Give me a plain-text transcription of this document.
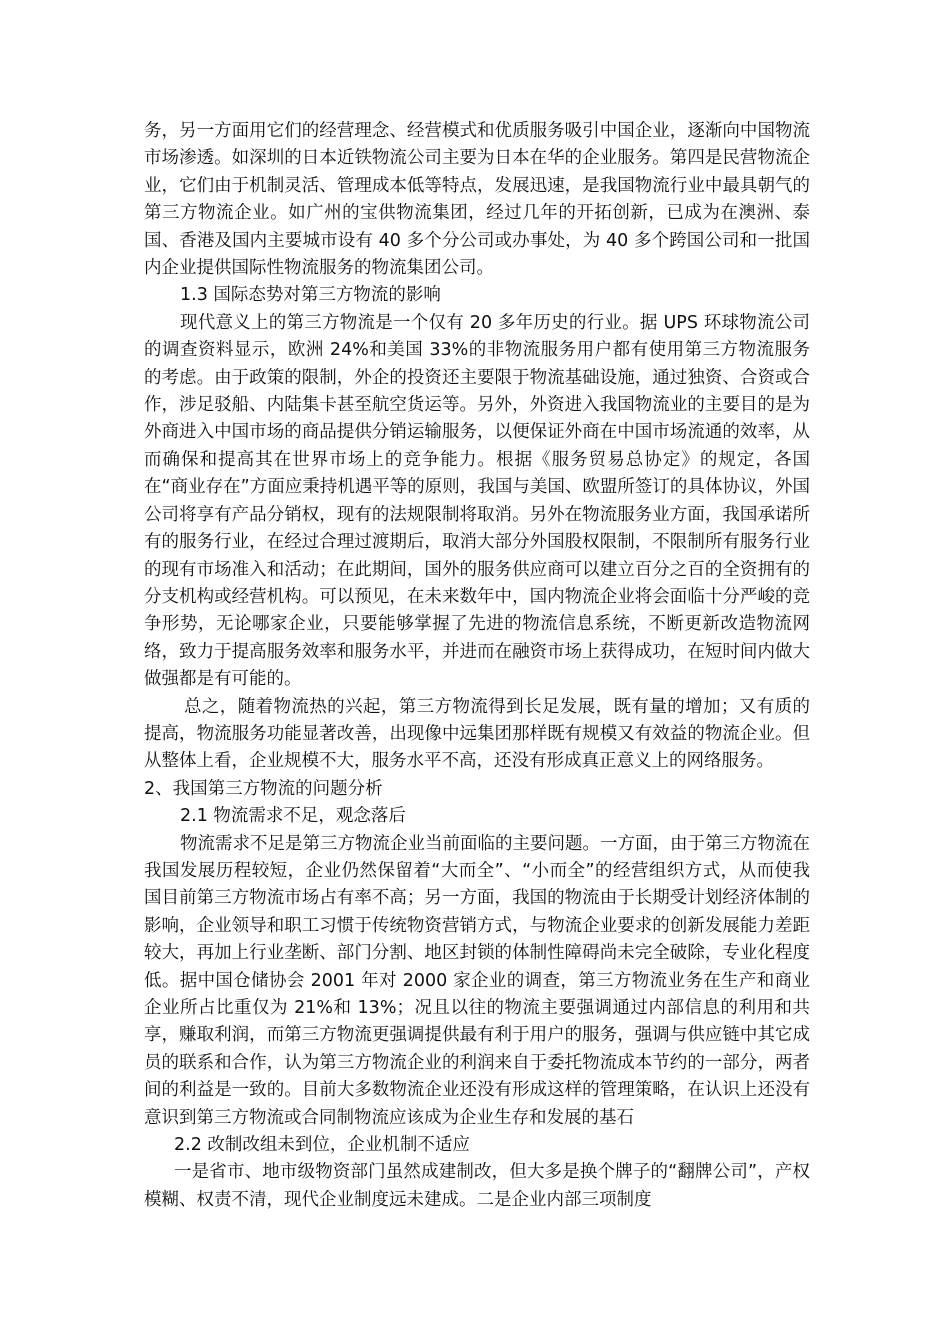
务，另一方面用它们的经营理念、经营模式和优质服务吸引中国企业，逐渐向中国物流市场渗透。如深圳的日本近铁物流公司主要为日本在华的企业服务。第四是民营物流企业，它们由于机制灵活、管理成本低等特点，发展迅速，是我国物流行业中最具朝气的第三方物流企业。如广州的宝供物流集团，经过几年的开拓创新，已成为在澳洲、泰国、香港及国内主要城市设有 40 多个分公司或办事处，为 40 多个跨国公司和一批国内企业提供国际性物流服务的物流集团公司。

1.3 国际态势对第三方物流的影响

现代意义上的第三方物流是一个仅有 20 多年历史的行业。据 UPS 环球物流公司的调查资料显示，欧洲 24%和美国 33%的非物流服务用户都有使用第三方物流服务的考虑。由于政策的限制，外企的投资还主要限于物流基础设施，通过独资、合资或合作，涉足驳船、内陆集卡甚至航空货运等。另外，外资进入我国物流业的主要目的是为外商进入中国市场的商品提供分销运输服务，以便保证外商在中国市场流通的效率，从而确保和提高其在世界市场上的竞争能力。根据《服务贸易总协定》的规定，各国在“商业存在”方面应秉持机遇平等的原则，我国与美国、欧盟所签订的具体协议，外国公司将享有产品分销权，现有的法规限制将取消。另外在物流服务业方面，我国承诺所有的服务行业，在经过合理过渡期后，取消大部分外国股权限制，不限制所有服务行业的现有市场准入和活动；在此期间，国外的服务供应商可以建立百分之百的全资拥有的分支机构或经营机构。可以预见，在未来数年中，国内物流企业将会面临十分严峻的竞争形势，无论哪家企业，只要能够掌握了先进的物流信息系统，不断更新改造物流网络，致力于提高服务效率和服务水平，并进而在融资市场上获得成功，在短时间内做大做强都是有可能的。

总之，随着物流热的兴起，第三方物流得到长足发展，既有量的增加；又有质的提高，物流服务功能显著改善，出现像中远集团那样既有规模又有效益的物流企业。但从整体上看，企业规模不大，服务水平不高，还没有形成真正意义上的网络服务。

2、我国第三方物流的问题分析

2.1 物流需求不足，观念落后

物流需求不足是第三方物流企业当前面临的主要问题。一方面，由于第三方物流在我国发展历程较短，企业仍然保留着“大而全”、“小而全”的经营组织方式，从而使我国目前第三方物流市场占有率不高；另一方面，我国的物流由于长期受计划经济体制的影响，企业领导和职工习惯于传统物资营销方式，与物流企业要求的创新发展能力差距较大，再加上行业垄断、部门分割、地区封锁的体制性障碍尚未完全破除，专业化程度低。据中国仓储协会 2001 年对 2000 家企业的调查，第三方物流业务在生产和商业企业所占比重仅为 21%和 13%；况且以往的物流主要强调通过内部信息的利用和共享，赚取利润，而第三方物流更强调提供最有利于用户的服务，强调与供应链中其它成员的联系和合作，认为第三方物流企业的利润来自于委托物流成本节约的一部分，两者间的利益是一致的。目前大多数物流企业还没有形成这样的管理策略，在认识上还没有意识到第三方物流或合同制物流应该成为企业生存和发展的基石

2.2 改制改组未到位，企业机制不适应

一是省市、地市级物资部门虽然成建制改，但大多是换个牌子的“翻牌公司”，产权模糊、权责不清，现代企业制度远未建成。二是企业内部三项制度
